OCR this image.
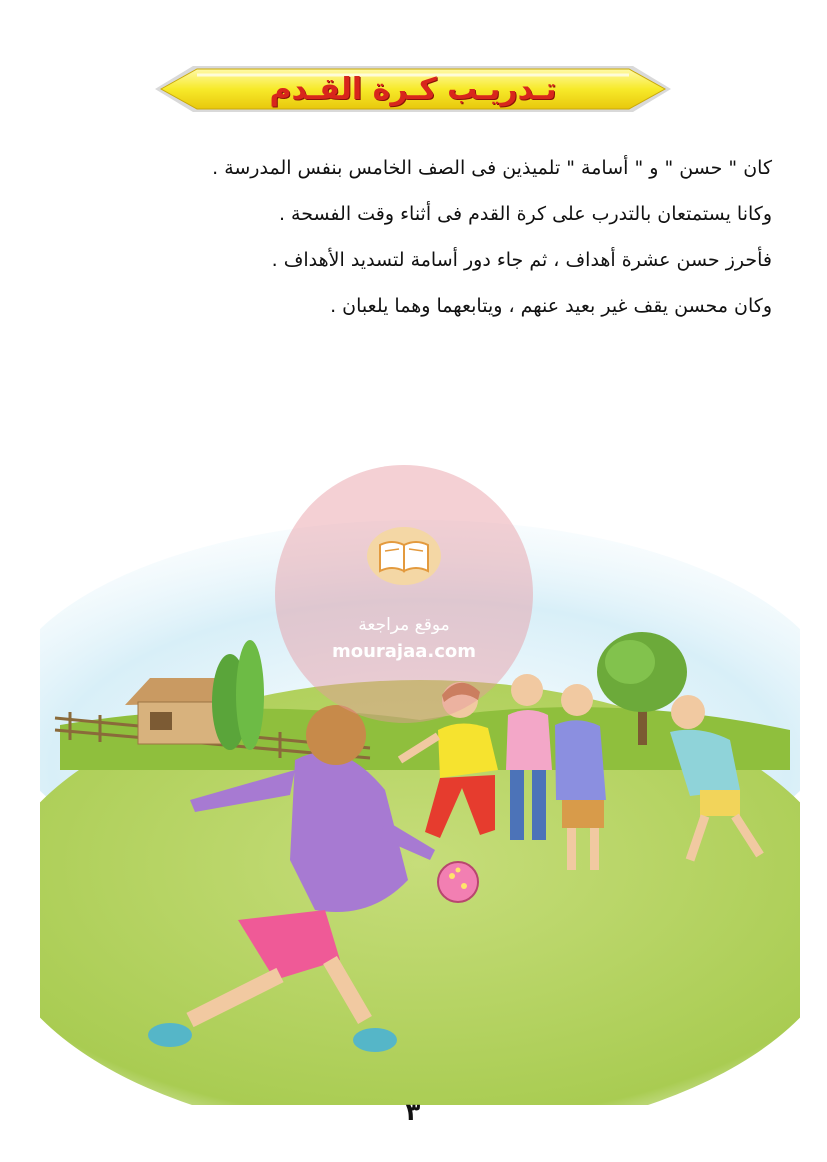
تـدريـب كـرة القـدم

كان " حسن " و " أسامة " تلميذين فى الصف الخامس بنفس المدرسة .

وكانا يستمتعان بالتدرب على كرة القدم فى أثناء وقت الفسحة .

فأحرز حسن عشرة أهداف ، ثم جاء دور أسامة لتسديد الأهداف .

وكان محسن يقف غير بعيد عنهم ، ويتابعهما وهما يلعبان .

موقع مراجعة
mourajaa.com
٣
